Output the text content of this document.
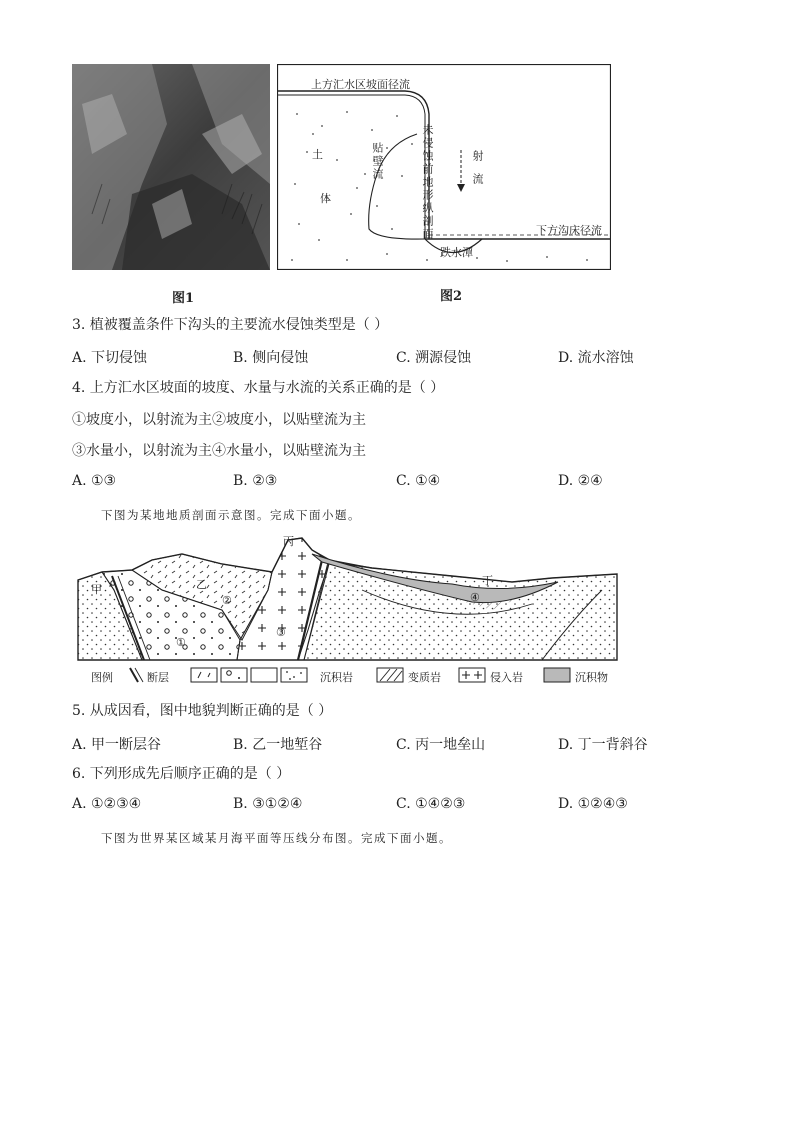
图1
上方汇水区坡面径流
土
体
贴壁流	未侵蚀前地形纵剖面	射流
下方沟床径流
跌水潭
图2
3. 植被覆盖条件下沟头的主要流水侵蚀类型是（ ）
A. 下切侵蚀	B. 侧向侵蚀	C. 溯源侵蚀	D. 流水溶蚀
4. 上方汇水区坡面的坡度、水量与水流的关系正确的是（ ）
①坡度小，以射流为主②坡度小，以贴壁流为主
③水量小，以射流为主④水量小，以贴壁流为主
A. ①③	B. ②③	C. ①④	D. ②④
下图为某地地质剖面示意图。完成下面小题。
甲	乙
丙
丁
①
②
③
④
图例	断层	沉积岩	变质岩	侵入岩	沉积物
5. 从成因看，图中地貌判断正确的是（ ）
A. 甲一断层谷	B. 乙一地堑谷	C. 丙一地垒山	D. 丁一背斜谷
6. 下列形成先后顺序正确的是（ ）
A. ①②③④	B. ③①②④	C. ①④②③	D. ①②④③
下图为世界某区域某月海平面等压线分布图。完成下面小题。
